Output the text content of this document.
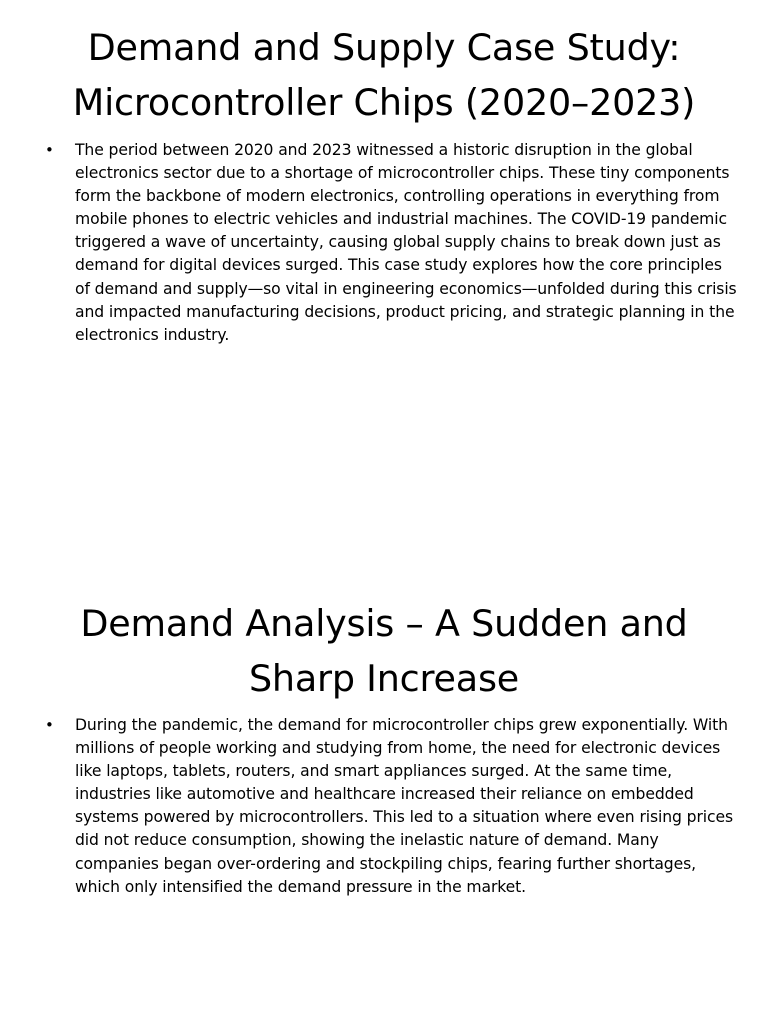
Demand and Supply Case Study:
Microcontroller Chips (2020–2023)
• The period between 2020 and 2023 witnessed a historic disruption in the global electronics sector due to a shortage of microcontroller chips. These tiny components form the backbone of modern electronics, controlling operations in everything from mobile phones to electric vehicles and industrial machines. The COVID-19 pandemic triggered a wave of uncertainty, causing global supply chains to break down just as demand for digital devices surged. This case study explores how the core principles of demand and supply—so vital in engineering economics—unfolded during this crisis and impacted manufacturing decisions, product pricing, and strategic planning in the electronics industry.
Demand Analysis – A Sudden and
Sharp Increase
• During the pandemic, the demand for microcontroller chips grew exponentially. With millions of people working and studying from home, the need for electronic devices like laptops, tablets, routers, and smart appliances surged. At the same time, industries like automotive and healthcare increased their reliance on embedded systems powered by microcontrollers. This led to a situation where even rising prices did not reduce consumption, showing the inelastic nature of demand. Many companies began over-ordering and stockpiling chips, fearing further shortages, which only intensified the demand pressure in the market.
